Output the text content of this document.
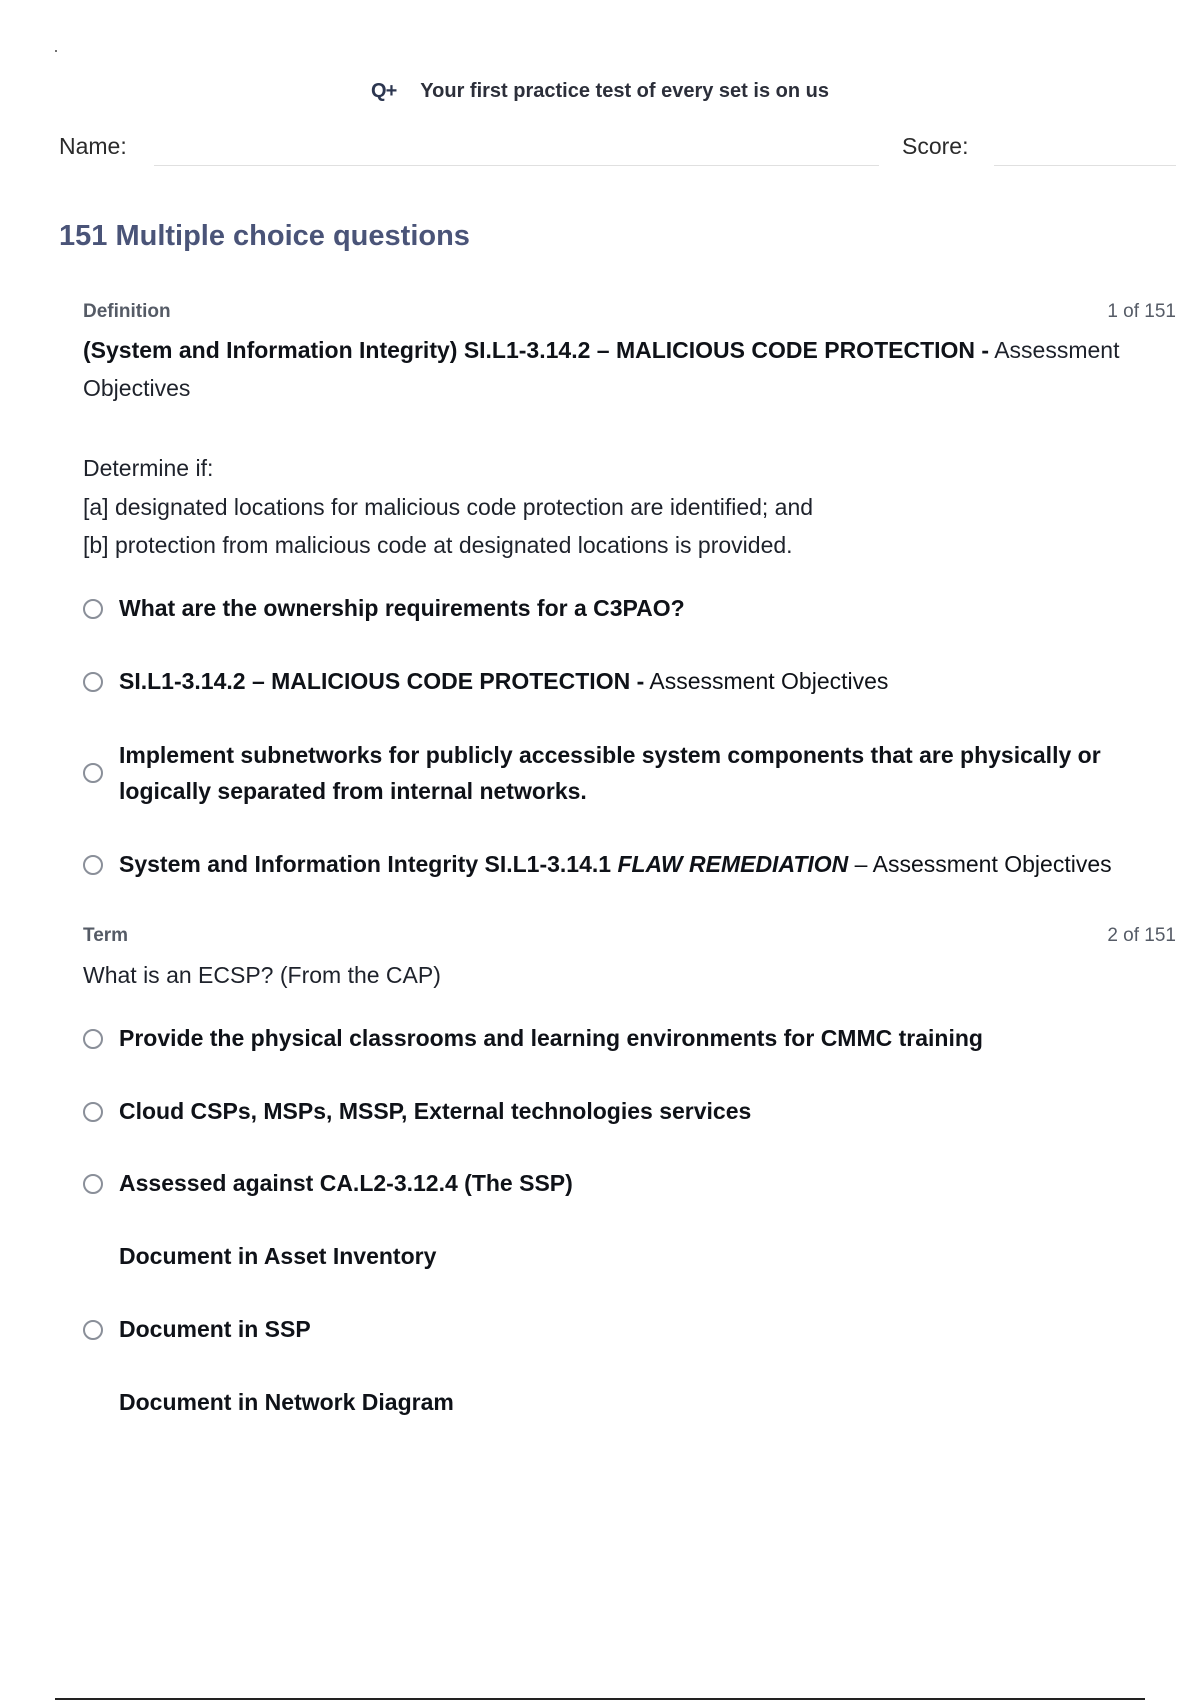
Q+ Your first practice test of every set is on us
Name:	Score:
151 Multiple choice questions
Definition	1 of 151
(System and Information Integrity) SI.L1-3.14.2 – MALICIOUS CODE PROTECTION - Assessment Objectives
Determine if:
[a] designated locations for malicious code protection are identified; and
[b] protection from malicious code at designated locations is provided.
What are the ownership requirements for a C3PAO?
SI.L1-3.14.2 – MALICIOUS CODE PROTECTION - Assessment Objectives
Implement subnetworks for publicly accessible system components that are physically or logically separated from internal networks.
System and Information Integrity SI.L1-3.14.1 FLAW REMEDIATION – Assessment Objectives
Term	2 of 151
What is an ECSP? (From the CAP)
Provide the physical classrooms and learning environments for CMMC training
Cloud CSPs, MSPs, MSSP, External technologies services
Assessed against CA.L2-3.12.4 (The SSP)
Document in Asset Inventory
Document in SSP
Document in Network Diagram
